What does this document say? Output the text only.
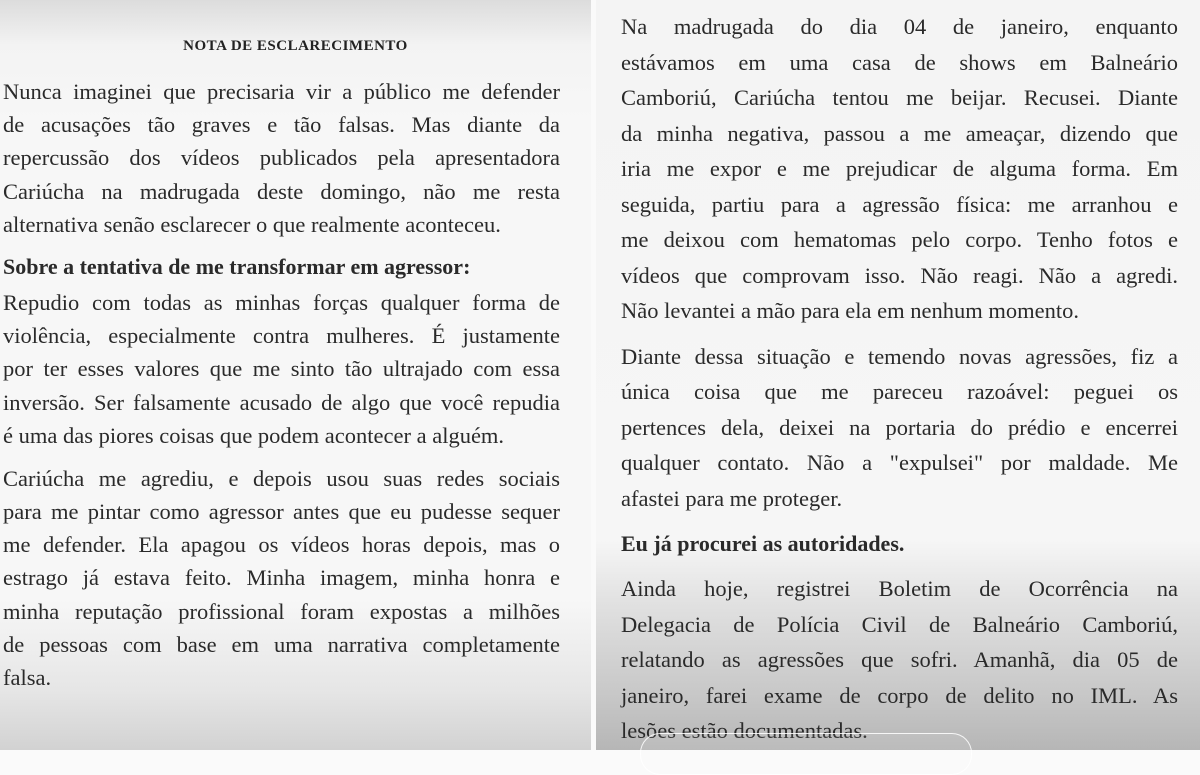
NOTA DE ESCLARECIMENTO
Nunca imaginei que precisaria vir a público me defender
de acusações tão graves e tão falsas. Mas diante da
repercussão dos vídeos publicados pela apresentadora
Cariúcha na madrugada deste domingo, não me resta
alternativa senão esclarecer o que realmente aconteceu.
Sobre a tentativa de me transformar em agressor:
Repudio com todas as minhas forças qualquer forma de
violência, especialmente contra mulheres. É justamente
por ter esses valores que me sinto tão ultrajado com essa
inversão. Ser falsamente acusado de algo que você repudia
é uma das piores coisas que podem acontecer a alguém.
Cariúcha me agrediu, e depois usou suas redes sociais
para me pintar como agressor antes que eu pudesse sequer
me defender. Ela apagou os vídeos horas depois, mas o
estrago já estava feito. Minha imagem, minha honra e
minha reputação profissional foram expostas a milhões
de pessoas com base em uma narrativa completamente
falsa.
Na madrugada do dia 04 de janeiro, enquanto
estávamos em uma casa de shows em Balneário
Camboriú, Cariúcha tentou me beijar. Recusei. Diante
da minha negativa, passou a me ameaçar, dizendo que
iria me expor e me prejudicar de alguma forma. Em
seguida, partiu para a agressão física: me arranhou e
me deixou com hematomas pelo corpo. Tenho fotos e
vídeos que comprovam isso. Não reagi. Não a agredi.
Não levantei a mão para ela em nenhum momento.
Diante dessa situação e temendo novas agressões, fiz a
única coisa que me pareceu razoável: peguei os
pertences dela, deixei na portaria do prédio e encerrei
qualquer contato. Não a "expulsei" por maldade. Me
afastei para me proteger.
Eu já procurei as autoridades.
Ainda hoje, registrei Boletim de Ocorrência na
Delegacia de Polícia Civil de Balneário Camboriú,
relatando as agressões que sofri. Amanhã, dia 05 de
janeiro, farei exame de corpo de delito no IML. As
lesões estão documentadas.
